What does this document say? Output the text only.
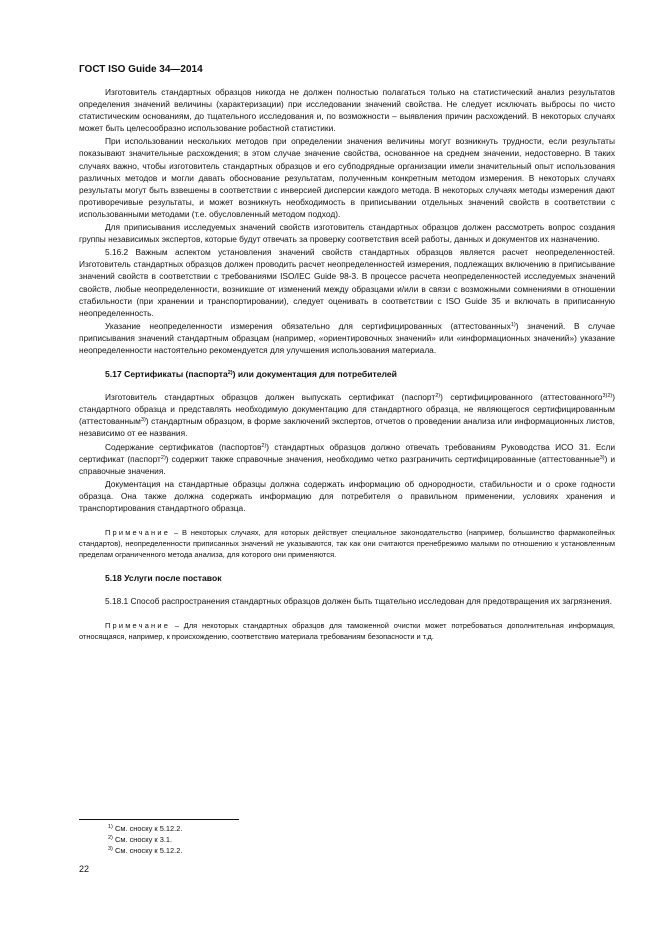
ГОСТ ISO Guide 34—2014

Изготовитель стандартных образцов никогда не должен полностью полагаться только на статистический анализ результатов определения значений величины (характеризации) при исследовании значений свойства. Не следует исключать выбросы по чисто статистическим основаниям, до тщательного исследования и, по возможности – выявления причин расхождений. В некоторых случаях может быть целесообразно использование робастной статистики.

При использовании нескольких методов при определении значения величины могут возникнуть трудности, если результаты показывают значительные расхождения; в этом случае значение свойства, основанное на среднем значении, недостоверно. В таких случаях важно, чтобы изготовитель стандартных образцов и его субподрядные организации имели значительный опыт использования различных методов и могли давать обоснование результатам, полученным конкретным методом измерения. В некоторых случаях результаты могут быть взвешены в соответствии с инверсией дисперсии каждого метода. В некоторых случаях методы измерения дают противоречивые результаты, и может возникнуть необходимость в приписывании отдельных значений свойств в соответствии с использованными методами (т.е. обусловленный методом подход).

Для приписывания исследуемых значений свойств изготовитель стандартных образцов должен рассмотреть вопрос создания группы независимых экспертов, которые будут отвечать за проверку соответствия всей работы, данных и документов их назначению.

5.16.2 Важным аспектом установления значений свойств стандартных образцов является расчет неопределенностей. Изготовитель стандартных образцов должен проводить расчет неопределенностей измерения, подлежащих включению в приписывание значений свойств в соответствии с требованиями ISO/IEC Guide 98-3. В процессе расчета неопределенностей исследуемых значений свойств, любые неопределенности, возникшие от изменений между образцами и/или в связи с возможными сомнениями в отношении стабильности (при хранении и транспортировании), следует оценивать в соответствии с ISO Guide 35 и включать в приписанную неопределенность.

Указание неопределенности измерения обязательно для сертифицированных (аттестованных$^{1)}$) значений. В случае приписывания значений стандартным образцам (например, «ориентировочных значений» или «информационных значений») указание неопределенности настоятельно рекомендуется для улучшения использования материала.

5.17 Сертификаты (паспорта$^{2)}$) или документация для потребителей

Изготовитель стандартных образцов должен выпускать сертификат (паспорт$^{2)}$) сертифицированного (аттестованного$^{3)2)}$) стандартного образца и представлять необходимую документацию для стандартного образца, не являющегося сертифицированным (аттестованным$^{3)}$) стандартным образцом, в форме заключений экспертов, отчетов о проведении анализа или информационных листов, независимо от ее названия.

Содержание сертификатов (паспортов$^{2)}$) стандартных образцов должно отвечать требованиям Руководства ИСО 31. Если сертификат (паспорт$^{2)}$) содержит также справочные значения, необходимо четко разграничить сертифицированные (аттестованные$^{3)}$) и справочные значения.

Документация на стандартные образцы должна содержать информацию об однородности, стабильности и о сроке годности образца. Она также должна содержать информацию для потребителя о правильном применении, условиях хранения и транспортирования стандартного образца.

Примечание – В некоторых случаях, для которых действует специальное законодательство (например, большинство фармакопейных стандартов), неопределенности приписанных значений не указываются, так как они считаются пренебрежимо малыми по отношению к установленным пределам ограниченного метода анализа, для которого они применяются.

5.18 Услуги после поставок

5.18.1 Способ распространения стандартных образцов должен быть тщательно исследован для предотвращения их загрязнения.

Примечание – Для некоторых стандартных образцов для таможенной очистки может потребоваться дополнительная информация, относящаяся, например, к происхождению, соответствию материала требованиям безопасности и т.д.

$^{1)}$ См. сноску к 5.12.2.
$^{2)}$ См. сноску к 3.1.
$^{3)}$ См. сноску к 5.12.2.
22
